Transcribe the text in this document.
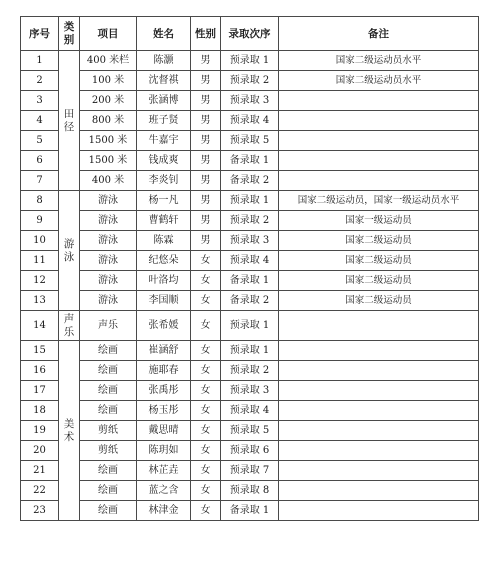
序号	类别	项目	姓名	性别	录取次序	备注
1	田径	400 米栏	陈灏	男	预录取 1	国家二级运动员水平
2		100 米	沈督祺	男	预录取 2	国家二级运动员水平
3		200 米	张涵博	男	预录取 3	
4		800 米	班子贤	男	预录取 4	
5		1500 米	牛嘉宇	男	预录取 5	
6		1500 米	钱成爽	男	备录取 1	
7		400 米	李炎钊	男	备录取 2	
8	游泳	游泳	杨一凡	男	预录取 1	国家二级运动员，国家一级运动员水平
9		游泳	曹鹤轩	男	预录取 2	国家一级运动员
10		游泳	陈霖	男	预录取 3	国家二级运动员
11		游泳	纪悠朵	女	预录取 4	国家二级运动员
12		游泳	叶洛均	女	备录取 1	国家二级运动员
13		游泳	李国顺	女	备录取 2	国家二级运动员
14	声乐	声乐	张希媛	女	预录取 1	
15	美术	绘画	崔涵舒	女	预录取 1	
16		绘画	施耶春	女	预录取 2	
17		绘画	张禹彤	女	预录取 3	
18		绘画	杨玉彤	女	预录取 4	
19		剪纸	戴思晴	女	预录取 5	
20		剪纸	陈玥如	女	预录取 6	
21		绘画	林芷垚	女	预录取 7	
22		绘画	蓝之含	女	预录取 8	
23		绘画	林津金	女	备录取 1	
